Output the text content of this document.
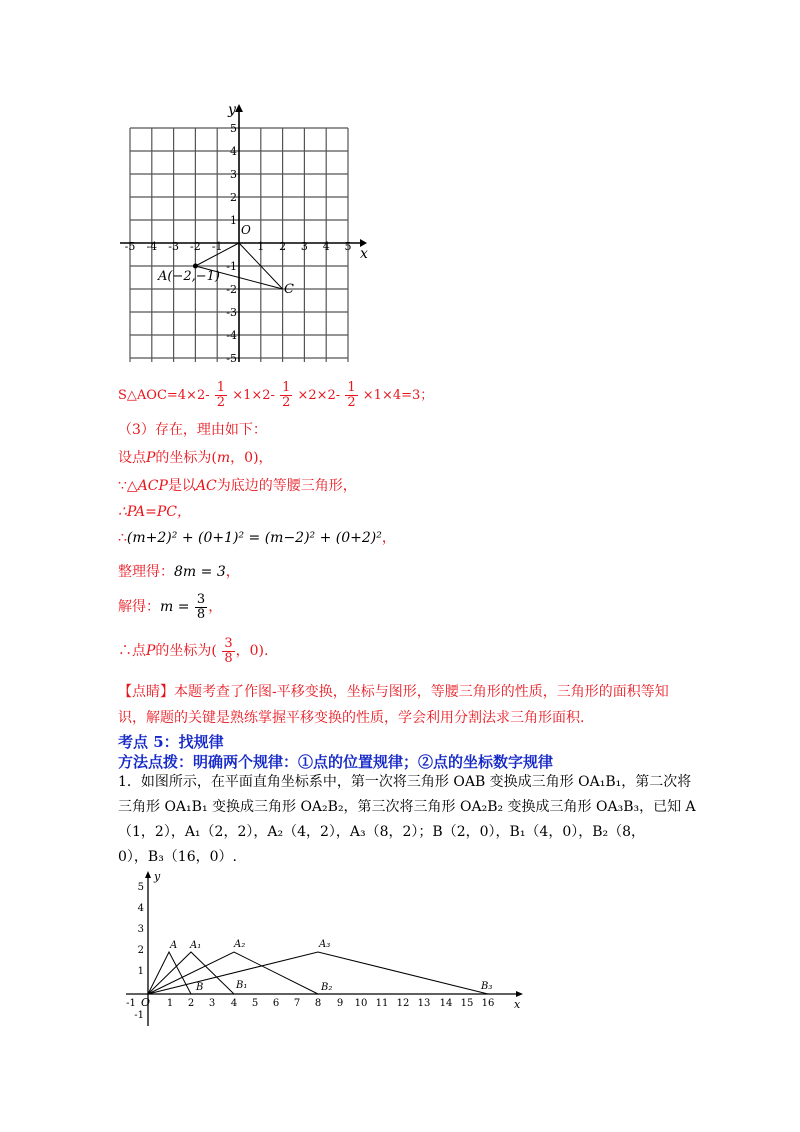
x
y
O
-5 -4 -3 -2 -1	1 2 3 4 5
5
4
3
2
1
-1
-2
-3
-4
-5
A(−2,−1)
C
S△AOC=4×2- $\frac{1}{2} \times 1\times 2- \frac{1}{2} \times 2\times 2- \frac{1}{2} \times 1\times 4=3$；
（3）存在，理由如下：
设点P的坐标为(m，0)，
∵△ACP是以AC为底边的等腰三角形，
∴PA=PC，
∴(m+2)² + (0+1)² = (m−2)² + (0+2)²，
整理得：8m = 3，
解得：$m = \frac{3}{8}$ ，
∴点P的坐标为( $\frac{3}{8}$ ，0).
【点睛】本题考查了作图-平移变换，坐标与图形，等腰三角形的性质，三角形的面积等知
识，解题的关键是熟练掌握平移变换的性质，学会利用分割法求三角形面积.
考点 5：找规律
方法点拨：明确两个规律：①点的位置规律；②点的坐标数字规律
1．如图所示，在平面直角坐标系中，第一次将三角形 OAB 变换成三角形 OA₁B₁，第二次将
三角形 OA₁B₁ 变换成三角形 OA₂B₂，第三次将三角形 OA₂B₂ 变换成三角形 OA₃B₃，已知 A
（1，2），A₁（2，2），A₂（4，2），A₃（8，2）；B（2，0），B₁（4，0），B₂（8，
0），B₃（16，0）.
x
y
O
-1	1 2 3 4 5 6 7 8 9 10 11 12 13 14 15 16
5
4
3
2
1
-1
A A₁	A₂	A₃
B	B₁	B₂	B₃
